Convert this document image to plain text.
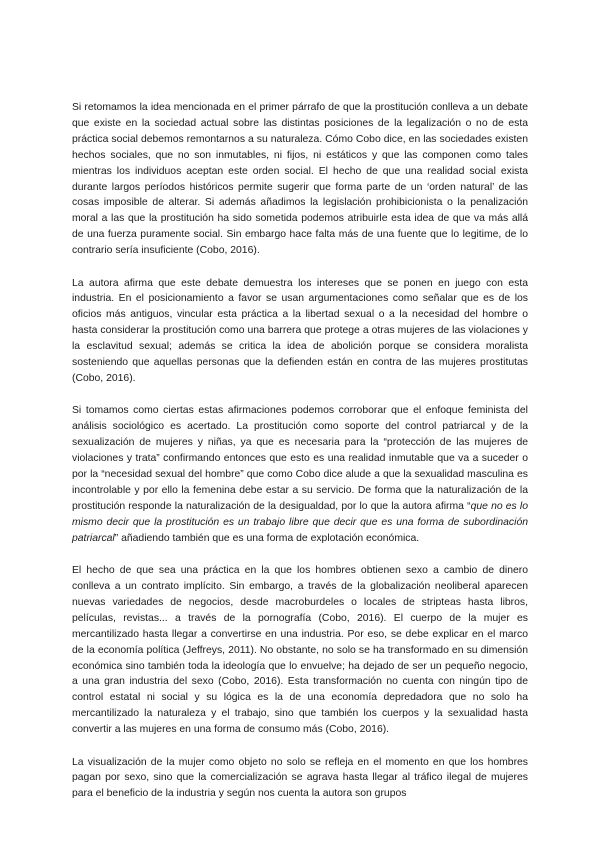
Si retomamos la idea mencionada en el primer párrafo de que la prostitución conlleva a un debate que existe en la sociedad actual sobre las distintas posiciones de la legalización o no de esta práctica social debemos remontarnos a su naturaleza. Cómo Cobo dice, en las sociedades existen hechos sociales, que no son inmutables, ni fijos, ni estáticos y que las componen como tales mientras los individuos aceptan este orden social. El hecho de que una realidad social exista durante largos períodos históricos permite sugerir que forma parte de un ‘orden natural’ de las cosas imposible de alterar. Si además añadimos la legislación prohibicionista o la penalización moral a las que la prostitución ha sido sometida podemos atribuirle esta idea de que va más allá de una fuerza puramente social. Sin embargo hace falta más de una fuente que lo legitime, de lo contrario sería insuficiente (Cobo, 2016).

La autora afirma que este debate demuestra los intereses que se ponen en juego con esta industria. En el posicionamiento a favor se usan argumentaciones como señalar que es de los oficios más antiguos, vincular esta práctica a la libertad sexual o a la necesidad del hombre o hasta considerar la prostitución como una barrera que protege a otras mujeres de las violaciones y la esclavitud sexual; además se critica la idea de abolición porque se considera moralista sosteniendo que aquellas personas que la defienden están en contra de las mujeres prostitutas (Cobo, 2016).

Si tomamos como ciertas estas afirmaciones podemos corroborar que el enfoque feminista del análisis sociológico es acertado. La prostitución como soporte del control patriarcal y de la sexualización de mujeres y niñas, ya que es necesaria para la “protección de las mujeres de violaciones y trata” confirmando entonces que esto es una realidad inmutable que va a suceder o por la “necesidad sexual del hombre” que como Cobo dice alude a que la sexualidad masculina es incontrolable y por ello la femenina debe estar a su servicio. De forma que la naturalización de la prostitución responde la naturalización de la desigualdad, por lo que la autora afirma “que no es lo mismo decir que la prostitución es un trabajo libre que decir que es una forma de subordinación patriarcal” añadiendo también que es una forma de explotación económica.

El hecho de que sea una práctica en la que los hombres obtienen sexo a cambio de dinero conlleva a un contrato implícito. Sin embargo, a través de la globalización neoliberal aparecen nuevas variedades de negocios, desde macroburdeles o locales de stripteas hasta libros, películas, revistas... a través de la pornografía (Cobo, 2016). El cuerpo de la mujer es mercantilizado hasta llegar a convertirse en una industria. Por eso, se debe explicar en el marco de la economía política (Jeffreys, 2011). No obstante, no solo se ha transformado en su dimensión económica sino también toda la ideología que lo envuelve; ha dejado de ser un pequeño negocio, a una gran industria del sexo (Cobo, 2016). Esta transformación no cuenta con ningún tipo de control estatal ni social y su lógica es la de una economía depredadora que no solo ha mercantilizado la naturaleza y el trabajo, sino que también los cuerpos y la sexualidad hasta convertir a las mujeres en una forma de consumo más (Cobo, 2016).

La visualización de la mujer como objeto no solo se refleja en el momento en que los hombres pagan por sexo, sino que la comercialización se agrava hasta llegar al tráfico ilegal de mujeres para el beneficio de la industria y según nos cuenta la autora son grupos
